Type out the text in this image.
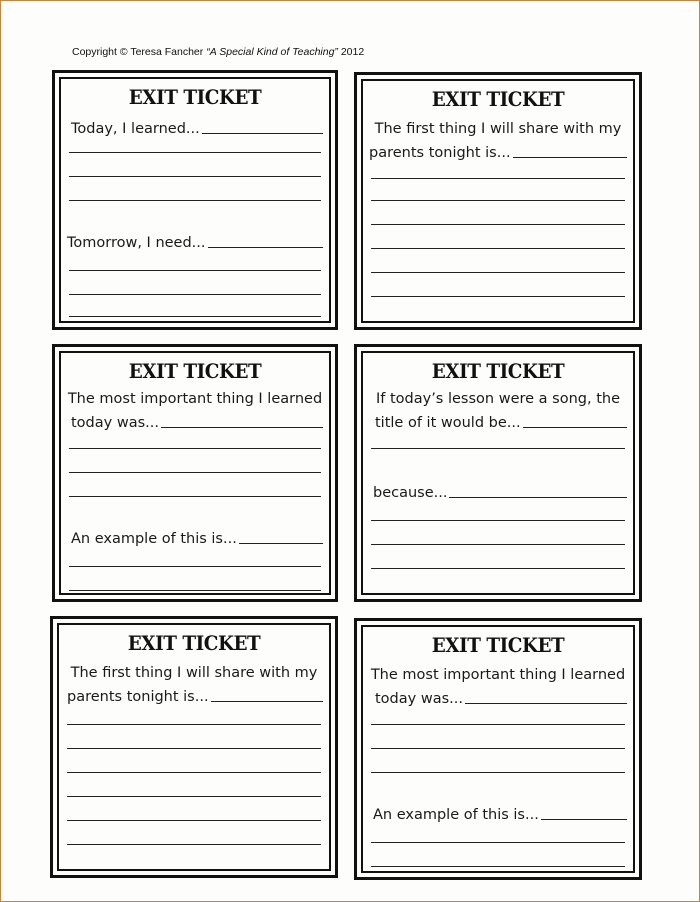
Copyright © Teresa Fancher “A Special Kind of Teaching” 2012
EXIT TICKET
Today, I learned...
Tomorrow, I need...
EXIT TICKET
The first thing I will share with my
parents tonight is...
EXIT TICKET
The most important thing I learned
today was...
An example of this is...
EXIT TICKET
If today’s lesson were a song, the
title of it would be...
because...
EXIT TICKET
The first thing I will share with my
parents tonight is...
EXIT TICKET
The most important thing I learned
today was...
An example of this is...
